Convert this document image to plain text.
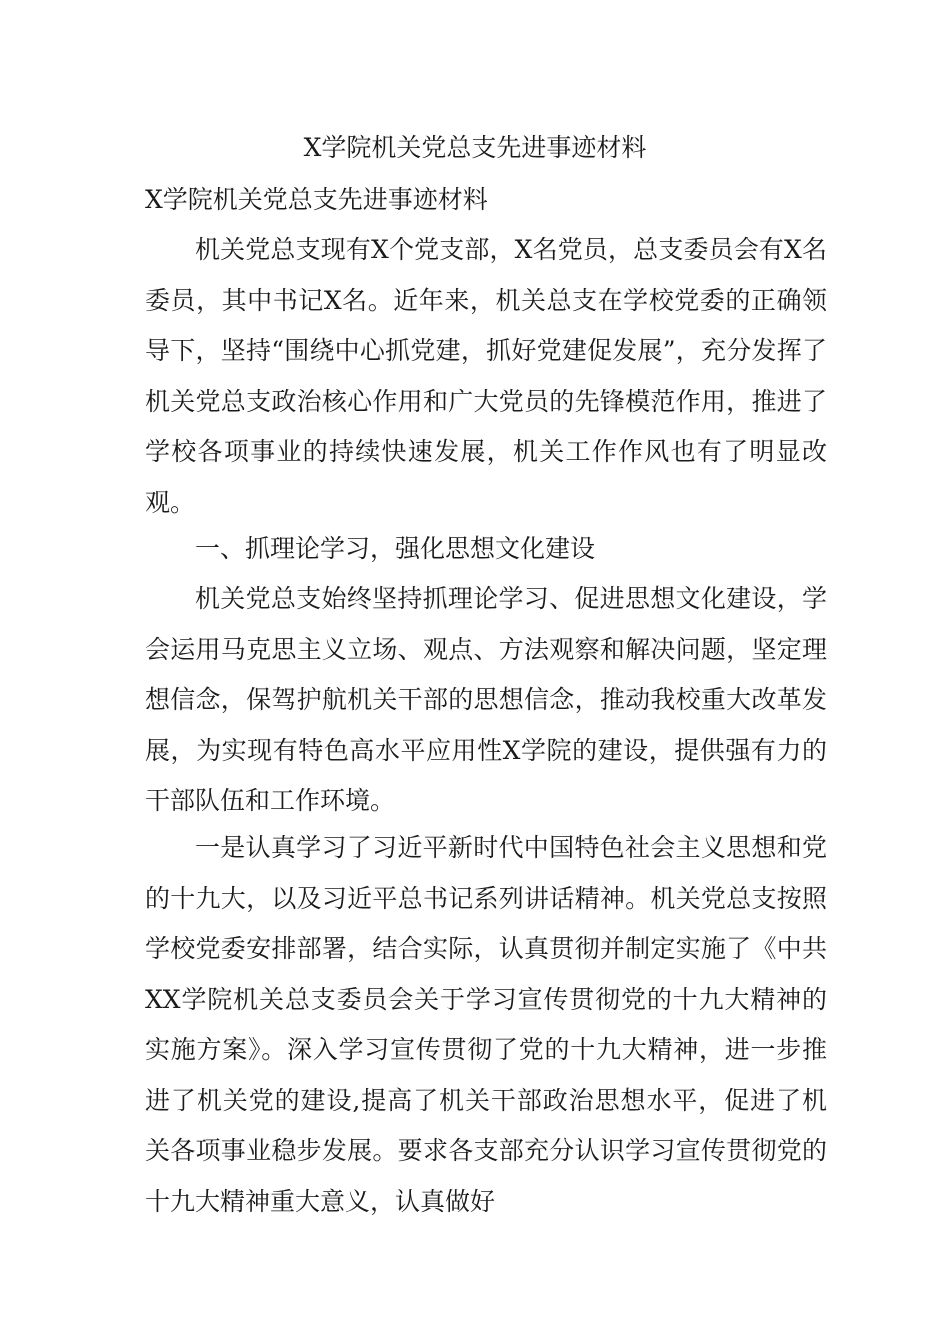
X学院机关党总支先进事迹材料
X学院机关党总支先进事迹材料

机关党总支现有X个党支部，X名党员，总支委员会有X名委员，其中书记X名。近年来，机关总支在学校党委的正确领导下，坚持“围绕中心抓党建，抓好党建促发展”，充分发挥了机关党总支政治核心作用和广大党员的先锋模范作用，推进了学校各项事业的持续快速发展，机关工作作风也有了明显改观。

一、抓理论学习，强化思想文化建设

机关党总支始终坚持抓理论学习、促进思想文化建设，学会运用马克思主义立场、观点、方法观察和解决问题，坚定理想信念，保驾护航机关干部的思想信念，推动我校重大改革发展，为实现有特色高水平应用性X学院的建设，提供强有力的干部队伍和工作环境。

一是认真学习了习近平新时代中国特色社会主义思想和党的十九大，以及习近平总书记系列讲话精神。机关党总支按照学校党委安排部署，结合实际，认真贯彻并制定实施了《中共XX学院机关总支委员会关于学习宣传贯彻党的十九大精神的实施方案》。深入学习宣传贯彻了党的十九大精神，进一步推进了机关党的建设,提高了机关干部政治思想水平，促进了机关各项事业稳步发展。要求各支部充分认识学习宣传贯彻党的十九大精神重大意义，认真做好
